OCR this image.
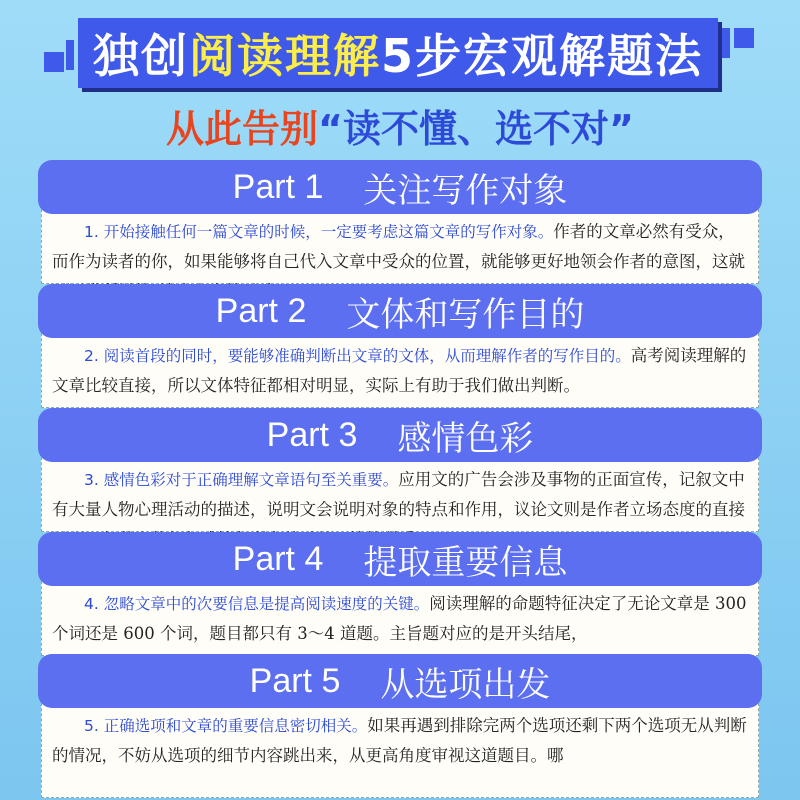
独创阅读理解5步宏观解题法
从此告别“读不懂、选不对”
Part 1 关注写作对象
1. 开始接触任何一篇文章的时候，一定要考虑这篇文章的写作对象。作者的文章必然有受众，而作为读者的你，如果能够将自己代入文章中受众的位置，就能够更好地领会作者的意图，这就
Part 2 文体和写作目的
2. 阅读首段的同时，要能够准确判断出文章的文体，从而理解作者的写作目的。高考阅读理解的文章比较直接，所以文体特征都相对明显，实际上有助于我们做出判断。
Part 3 感情色彩
3. 感情色彩对于正确理解文章语句至关重要。应用文的广告会涉及事物的正面宣传，记叙文中有大量人物心理活动的描述，说明文会说明对象的特点和作用，议论文则是作者立场态度的直接
Part 4 提取重要信息
4. 忽略文章中的次要信息是提高阅读速度的关键。阅读理解的命题特征决定了无论文章是 300 个词还是 600 个词，题目都只有 3～4 道题。主旨题对应的是开头结尾，
Part 5 从选项出发
5. 正确选项和文章的重要信息密切相关。如果再遇到排除完两个选项还剩下两个选项无从判断的情况，不妨从选项的细节内容跳出来，从更高角度审视这道题目。哪
